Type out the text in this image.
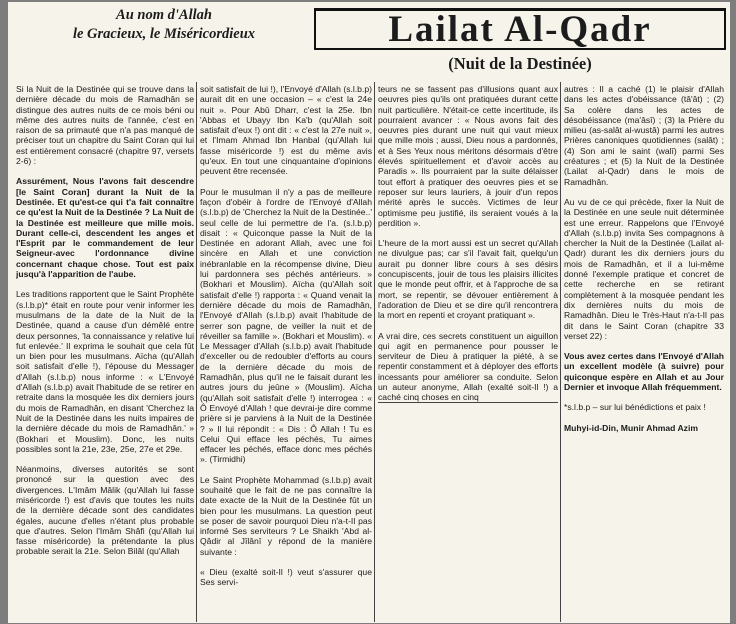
Au nom d'Allah
le Gracieux, le Miséricordieux	Lailat Al-Qadr
(Nuit de la Destinée)

Si la Nuit de la Destinée qui se trouve dans la dernière décade du mois de Ramadhân se distingue des autres nuits de ce mois béni ou même des autres nuits de l'année, c'est en raison de sa primauté que n'a pas manqué de préciser tout un chapitre du Saint Coran qui lui est entièrement consacré (chapitre 97, versets 2-6) :

Assurément, Nous l'avons fait descendre [le Saint Coran] durant la Nuit de la Destinée. Et qu'est-ce qui t'a fait connaître ce qu'est la Nuit de la Destinée ? La Nuit de la Destinée est meilleure que mille mois. Durant celle-ci, descendent les anges et l'Esprit par le commandement de leur Seigneur-avec l'ordonnance divine concernant chaque chose. Tout est paix jusqu'à l'apparition de l'aube.

Les traditions rapportent que le Saint Prophète (s.l.b.p)* était en route pour venir informer les musulmans de la date de la Nuit de la Destinée, quand a cause d'un démêlé entre deux personnes, 'la connaissance y relative lui fut enlevée.' Il exprima le souhait que cela fût un bien pour les musulmans. Aïcha (qu'Allah soit satisfait d'elle !), l'épouse du Messager d'Allah (s.l.b.p) nous informe : « L'Envoyé d'Allah (s.l.b.p) avait l'habitude de se retirer en retraite dans la mosquée les dix derniers jours du mois de Ramadhân, en disant 'Cherchez la Nuit de la Destinée dans les nuits impaires de la dernière décade du mois de Ramadhân.' » (Bokhari et Mouslim). Donc, les nuits possibles sont la 21e, 23e, 25e, 27e et 29e.

Néanmoins, diverses autorités se sont prononcé sur la question avec des divergences. L'Imâm Mâlik (qu'Allah lui fasse miséricorde !) est d'avis que toutes les nuits de la dernière décade sont des candidates égales, aucune d'elles n'étant plus probable que d'autres. Selon l'Imâm Shâfi (qu'Allah lui fasse miséricorde) la prétendante la plus probable serait la 21e. Selon Bilâl (qu'Allah

soit satisfait de lui !), l'Envoyé d'Allah (s.l.b.p) aurait dit en une occasion – « c'est la 24e nuit ». Pour Abû Dharr, c'est la 25e. Ibn 'Abbas et Ubayy Ibn Ka'b (qu'Allah soit satisfait d'eux !) ont dit : « c'est la 27e nuit », et l'Imam Ahmad Ibn Hanbal (qu'Allah lui fasse miséricorde !) est du même avis qu'eux. En tout une cinquantaine d'opinions peuvent être recensée.

Pour le musulman il n'y a pas de meilleure façon d'obéir à l'ordre de l'Envoyé d'Allah (s.l.b.p) de 'Cherchez la Nuit de la Destinée..' seul celle de lui permettre de l'a. (s.l.b.p) disait : « Quiconque passe la Nuit de la Destinée en adorant Allah, avec une foi sincère en Allah et une conviction inébranlable en la récompense divine, Dieu lui pardonnera ses péchés antérieurs. » (Bokhari et Mouslim). Aïcha (qu'Allah soit satisfait d'elle !) rapporta : « Quand venait la dernière décade du mois de Ramadhân, l'Envoyé d'Allah (s.l.b.p) avait l'habitude de serrer son pagne, de veiller la nuit et de réveiller sa famille ». (Bokhari et Mouslim). « Le Messager d'Allah (s.l.b.p) avait l'habitude d'exceller ou de redoubler d'efforts au cours de la dernière décade du mois de Ramadhân, plus qu'il ne le faisait durant les autres jours du jeûne » (Mouslim). Aïcha (qu'Allah soit satisfait d'elle !) interrogea : « Ô Envoyé d'Allah ! que devrai-je dire comme prière si je parviens à la Nuit de la Destinée ? » Il lui répondit : « Dis : Ô Allah ! Tu es Celui Qui efface les péchés, Tu aimes effacer les péchés, efface donc mes péchés ». (Tirmidhi)

Le Saint Prophète Mohammad (s.l.b.p) avait souhaité que le fait de ne pas connaître la date exacte de la Nuit de la Destinée fût un bien pour les musulmans. La question peut se poser de savoir pourquoi Dieu n'a-t-Il pas informé Ses serviteurs ? Le Shaikh 'Abd al-Qâdir al Jîlânî y répond de la manière suivante :

« Dieu (exalté soit-Il !) veut s'assurer que Ses servi-

teurs ne se fassent pas d'illusions quant aux oeuvres pies qu'ils ont pratiquées durant cette nuit particulière. N'était-ce cette incertitude, ils pourraient avancer : « Nous avons fait des oeuvres pies durant une nuit qui vaut mieux que mille mois ; aussi, Dieu nous a pardonnés, et à Ses Yeux nous méritons désormais d'être élevés spirituellement et d'avoir accès au Paradis ». Ils pourraient par la suite délaisser tout effort à pratiquer des oeuvres pies et se reposer sur leurs lauriers, à jouir d'un repos mérité après le succès. Victimes de leur optimisme peu justifié, ils seraient voués à la perdition ».

L'heure de la mort aussi est un secret qu'Allah ne divulgue pas; car s'il l'avait fait, quelqu'un aurait pu donner libre cours à ses désirs concupiscents, jouir de tous les plaisirs illicites que le monde peut offrir, et à l'approche de sa mort, se repentir, se dévouer entièrement à l'adoration de Dieu et se dire qu'il rencontrera la mort en repenti et croyant pratiquant ».

A vrai dire, ces secrets constituent un aiguillon qui agit en permanence pour pousser le serviteur de Dieu à pratiquer la piété, à se repentir constamment et à déployer des efforts incessants pour améliorer sa conduite. Selon un auteur anonyme, Allah (exalté soit-Il !) a caché cinq choses en cinq

autres : Il a caché (1) le plaisir d'Allah dans les actes d'obéissance (tâ'ât) ; (2) Sa colère dans les actes de désobéissance (ma'âsî) ; (3) la Prière du milieu (as-salât al-wustâ) parmi les autres Prières canoniques quotidiennes (salât) ; (4) Son ami le saint (walî) parmi Ses créatures ; et (5) la Nuit de la Destinée (Lailat al-Qadr) dans le mois de Ramadhân.

Au vu de ce qui précède, fixer la Nuit de la Destinée en une seule nuit déterminée est une erreur. Rappelons que l'Envoyé d'Allah (s.l.b.p) invita Ses compagnons à chercher la Nuit de la Destinée (Lailat al-Qadr) durant les dix derniers jours du mois de Ramadhân, et il a lui-même donné l'exemple pratique et concret de cette recherche en se retirant complètement à la mosquée pendant les dix dernières nuits du mois de Ramadhân. Dieu le Très-Haut n'a-t-Il pas dit dans le Saint Coran (chapitre 33 verset 22) :

Vous avez certes dans l'Envoyé d'Allah un excellent modèle (à suivre) pour quiconque espère en Allah et au Jour Dernier et invoque Allah fréquemment.

*s.l.b.p – sur lui bénédictions et paix !

Muhyi-id-Din, Munir Ahmad Azim
